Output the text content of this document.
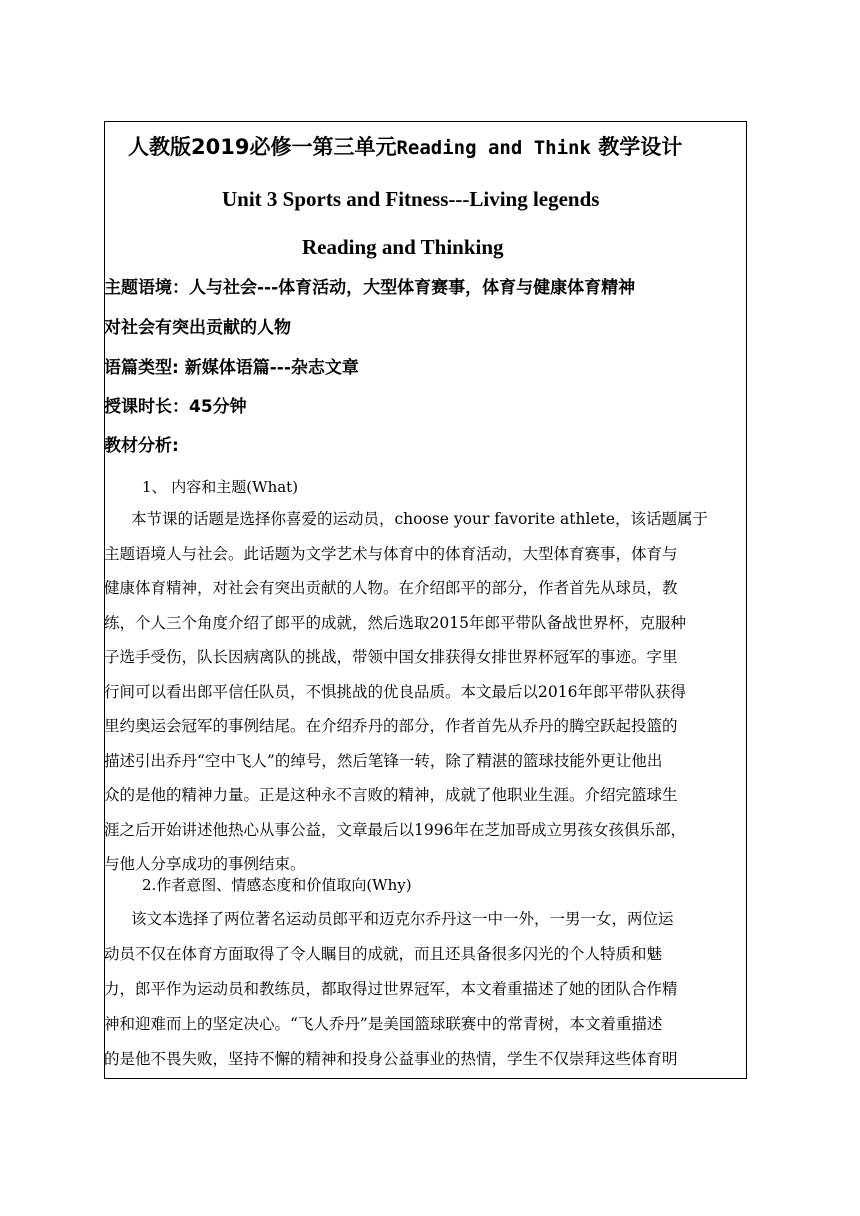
人教版2019必修一第三单元Reading and Think 教学设计
Unit 3 Sports and Fitness---Living legends
Reading and Thinking
主题语境：人与社会---体育活动，大型体育赛事，体育与健康体育精神
对社会有突出贡献的人物
语篇类型: 新媒体语篇---杂志文章
授课时长：45分钟
教材分析:
1、 内容和主题(What)
本节课的话题是选择你喜爱的运动员，choose your favorite athlete，该话题属于
主题语境人与社会。此话题为文学艺术与体育中的体育活动，大型体育赛事，体育与
健康体育精神，对社会有突出贡献的人物。在介绍郎平的部分，作者首先从球员，教
练，个人三个角度介绍了郎平的成就，然后选取2015年郎平带队备战世界杯，克服种
子选手受伤，队长因病离队的挑战，带领中国女排获得女排世界杯冠军的事迹。字里
行间可以看出郎平信任队员，不惧挑战的优良品质。本文最后以2016年郎平带队获得
里约奥运会冠军的事例结尾。在介绍乔丹的部分，作者首先从乔丹的腾空跃起投篮的
描述引出乔丹“空中飞人”的绰号，然后笔锋一转，除了精湛的篮球技能外更让他出
众的是他的精神力量。正是这种永不言败的精神，成就了他职业生涯。介绍完篮球生
涯之后开始讲述他热心从事公益，文章最后以1996年在芝加哥成立男孩女孩俱乐部，
与他人分享成功的事例结束。
2.作者意图、情感态度和价值取向(Why)
该文本选择了两位著名运动员郎平和迈克尔乔丹这一中一外，一男一女，两位运
动员不仅在体育方面取得了令人瞩目的成就，而且还具备很多闪光的个人特质和魅
力，郎平作为运动员和教练员，都取得过世界冠军，本文着重描述了她的团队合作精
神和迎难而上的坚定决心。“飞人乔丹”是美国篮球联赛中的常青树，本文着重描述
的是他不畏失败，坚持不懈的精神和投身公益事业的热情，学生不仅崇拜这些体育明
